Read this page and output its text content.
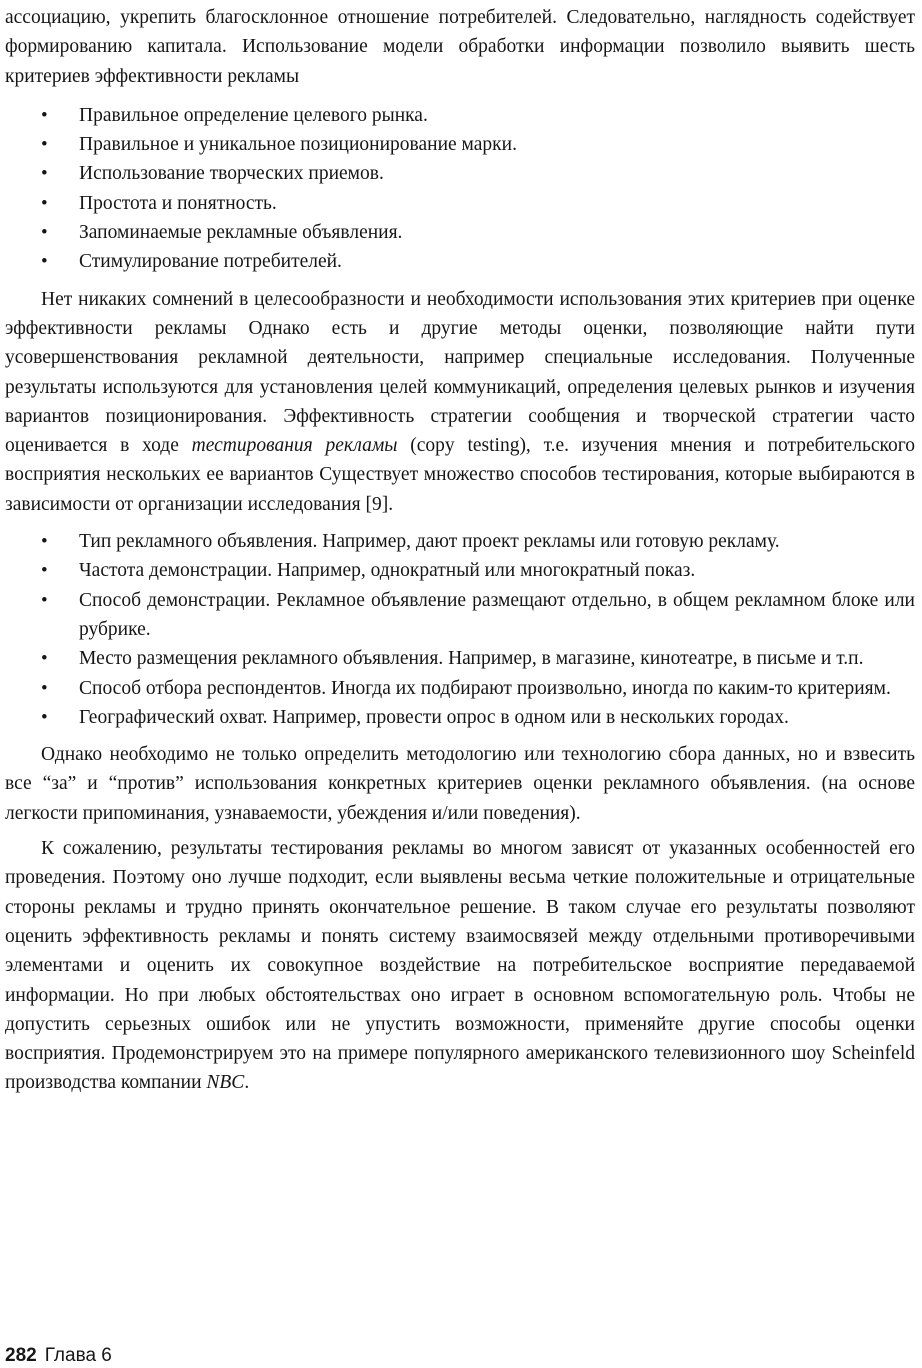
ассоциацию, укрепить благосклонное отношение потребителей. Следовательно, наглядность содействует формированию капитала. Использование модели обработки информации позволило выявить шесть критериев эффективности рекламы

• Правильное определение целевого рынка.
• Правильное и уникальное позиционирование марки.
• Использование творческих приемов.
• Простота и понятность.
• Запоминаемые рекламные объявления.
• Стимулирование потребителей.

Нет никаких сомнений в целесообразности и необходимости использования этих критериев при оценке эффективности рекламы Однако есть и другие методы оценки, позволяющие найти пути усовершенствования рекламной деятельности, например специальные исследования. Полученные результаты используются для установления целей коммуникаций, определения целевых рынков и изучения вариантов позиционирования. Эффективность стратегии сообщения и творческой стратегии часто оценивается в ходе тестирования рекламы (copy testing), т.е. изучения мнения и потребительского восприятия нескольких ее вариантов Существует множество способов тестирования, которые выбираются в зависимости от организации исследования [9].

• Тип рекламного объявления. Например, дают проект рекламы или готовую рекламу.
• Частота демонстрации. Например, однократный или многократный показ.
• Способ демонстрации. Рекламное объявление размещают отдельно, в общем рекламном блоке или рубрике.
• Место размещения рекламного объявления. Например, в магазине, кинотеатре, в письме и т.п.
• Способ отбора респондентов. Иногда их подбирают произвольно, иногда по каким-то критериям.
• Географический охват. Например, провести опрос в одном или в нескольких городах.

Однако необходимо не только определить методологию или технологию сбора данных, но и взвесить все “за” и “против” использования конкретных критериев оценки рекламного объявления. (на основе легкости припоминания, узнаваемости, убеждения и/или поведения).

К сожалению, результаты тестирования рекламы во многом зависят от указанных особенностей его проведения. Поэтому оно лучше подходит, если выявлены весьма четкие положительные и отрицательные стороны рекламы и трудно принять окончательное решение. В таком случае его результаты позволяют оценить эффективность рекламы и понять систему взаимосвязей между отдельными противоречивыми элементами и оценить их совокупное воздействие на потребительское восприятие передаваемой информации. Но при любых обстоятельствах оно играет в основном вспомогательную роль. Чтобы не допустить серьезных ошибок или не упустить возможности, применяйте другие способы оценки восприятия. Продемонстрируем это на примере популярного американского телевизионного шоу Scheinfeld производства компании NBC.

282 Глава 6
